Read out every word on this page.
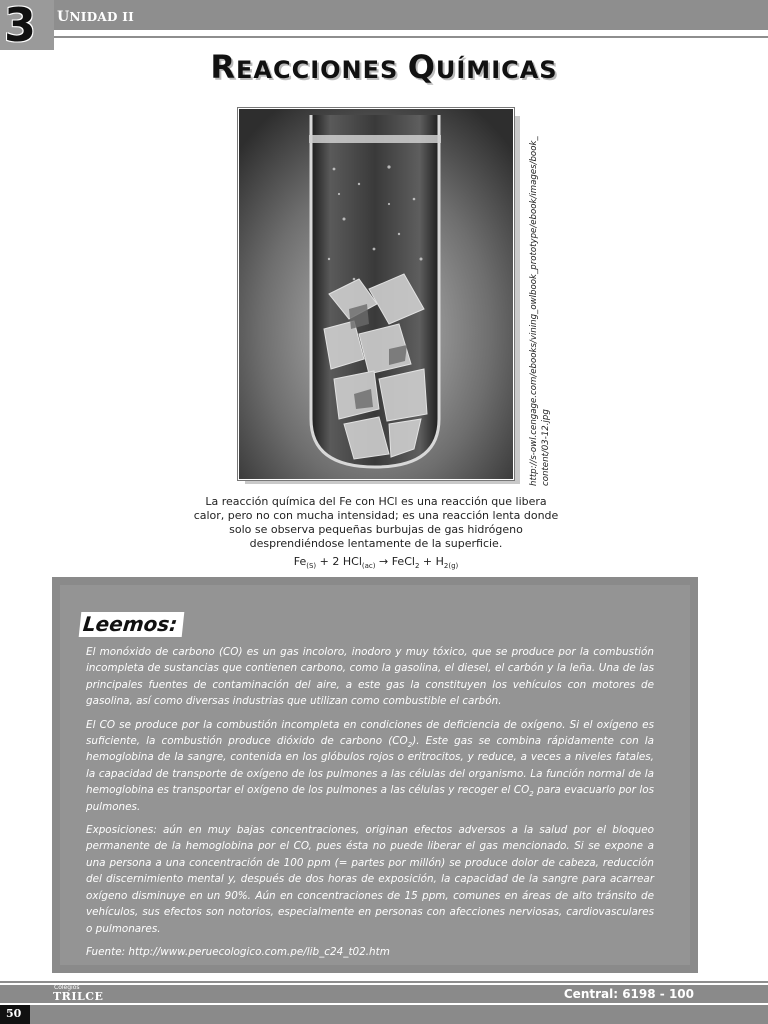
3 UNIDAD II
REACCIONES QUÍMICAS
http://s-owl.cengage.com/ebooks/vining_owlbook_prototype/ebook/images/book_ content/03-12.jpg
La reacción química del Fe con HCl es una reacción que libera calor, pero no con mucha intensidad; es una reacción lenta donde solo se observa pequeñas burbujas de gas hidrógeno desprendiéndose lentamente de la superficie.
$Fe_{(S)} + 2$ HCl$_{(ac)}$ → FeCl$_2$ + $H_{2(g)}$
Leemos:

El monóxido de carbono (CO) es un gas incoloro, inodoro y muy tóxico, que se produce por la combustión incompleta de sustancias que contienen carbono, como la gasolina, el diesel, el carbón y la leña. Una de las principales fuentes de contaminación del aire, a este gas la constituyen los vehículos con motores de gasolina, así como diversas industrias que utilizan como combustible el carbón.

El CO se produce por la combustión incompleta en condiciones de deficiencia de oxígeno. Si el oxígeno es suficiente, la combustión produce dióxido de carbono $(CO_2)$. Este gas se combina rápidamente con la hemoglobina de la sangre, contenida en los glóbulos rojos o eritrocitos, y reduce, a veces a niveles fatales, la capacidad de transporte de oxígeno de los pulmones a las células del organismo. La función normal de la hemoglobina es transportar el oxígeno de los pulmones a las células y recoger el $CO_2$ para evacuarlo por los pulmones.

Exposiciones: aún en muy bajas concentraciones, originan efectos adversos a la salud por el bloqueo permanente de la hemoglobina por el CO, pues ésta no puede liberar el gas mencionado. Si se expone a una persona a una concentración de 100 ppm (= partes por millón) se produce dolor de cabeza, reducción del discernimiento mental y, después de dos horas de exposición, la capacidad de la sangre para acarrear oxígeno disminuye en un 90%. Aún en concentraciones de 15 ppm, comunes en áreas de alto tránsito de vehículos, sus efectos son notorios, especialmente en personas con afecciones nerviosas, cardiovasculares o pulmonares.

Fuente: http://www.peruecologico.com.pe/lib_c24_t02.htm

Colegios
TRILCE	Central: 6198 - 100
50
